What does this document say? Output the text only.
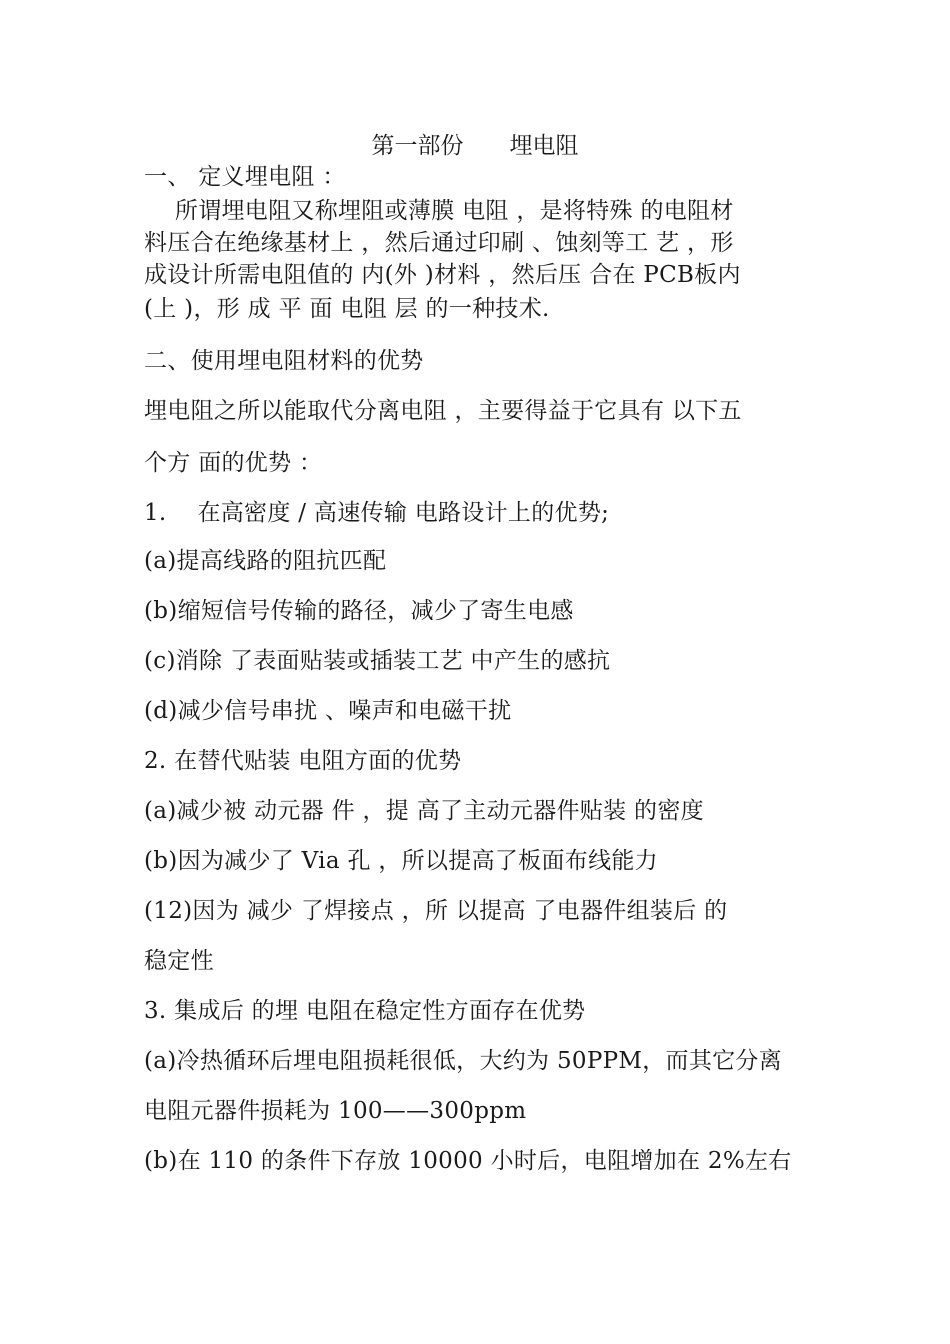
第一部份　　埋电阻
一、 定义埋电阻 ：
　 所谓埋电阻又称埋阻或薄膜 电阻 ，是将特殊 的电阻材
料压合在绝缘基材上 ，然后通过印刷 、蚀刻等工 艺 ，形
成设计所需电阻值的 内(外 )材料 ，然后压 合在 PCB板内
(上 )，形 成 平 面 电阻 层 的一种技术.
二、使用埋电阻材料的优势
埋电阻之所以能取代分离电阻 ，主要得益于它具有 以下五
个方 面的优势 ：
1.　 在高密度 / 高速传输 电路设计上的优势;
(a)提高线路的阻抗匹配
(b)缩短信号传输的路径，减少了寄生电感
(c)消除 了表面贴装或插装工艺 中产生的感抗
(d)减少信号串扰 、噪声和电磁干扰
2. 在替代贴装 电阻方面的优势
(a)减少被 动元器 件 ，提 高了主动元器件贴装 的密度
(b)因为减少了 Via 孔 ，所以提高了板面布线能力
(12)因为 减少 了焊接点 ，所 以提高 了电器件组装后 的
稳定性
3. 集成后 的埋 电阻在稳定性方面存在优势
(a)冷热循环后埋电阻损耗很低，大约为 50PPM，而其它分离
电阻元器件损耗为 100——300ppm
(b)在 110 的条件下存放 10000 小时后，电阻增加在 2%左右
